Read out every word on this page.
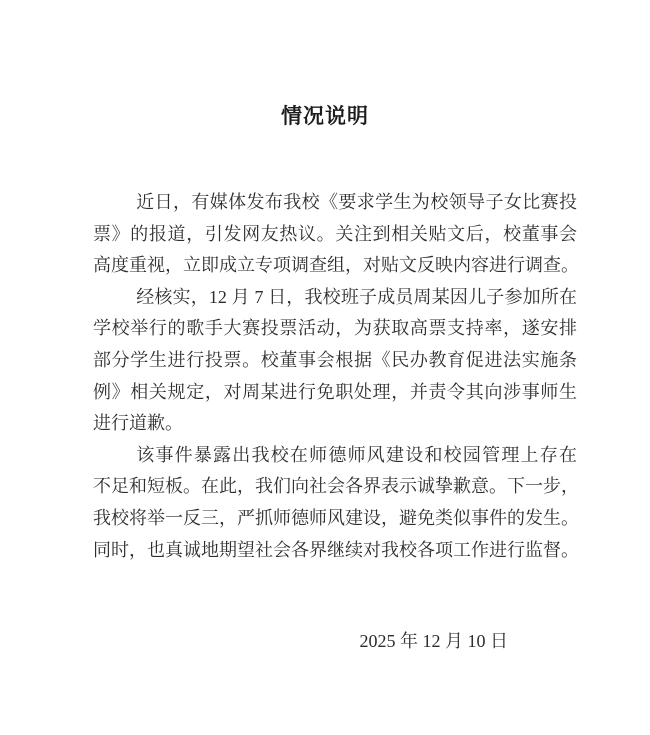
情况说明
近日，有媒体发布我校《要求学生为校领导子女比赛投
票》的报道，引发网友热议。关注到相关贴文后，校董事会
高度重视，立即成立专项调查组，对贴文反映内容进行调查。
经核实，12 月 7 日，我校班子成员周某因儿子参加所在
学校举行的歌手大赛投票活动，为获取高票支持率，遂安排
部分学生进行投票。校董事会根据《民办教育促进法实施条
例》相关规定，对周某进行免职处理，并责令其向涉事师生
进行道歉。
该事件暴露出我校在师德师风建设和校园管理上存在
不足和短板。在此，我们向社会各界表示诚挚歉意。下一步，
我校将举一反三，严抓师德师风建设，避免类似事件的发生。
同时，也真诚地期望社会各界继续对我校各项工作进行监督。
2025 年 12 月 10 日
